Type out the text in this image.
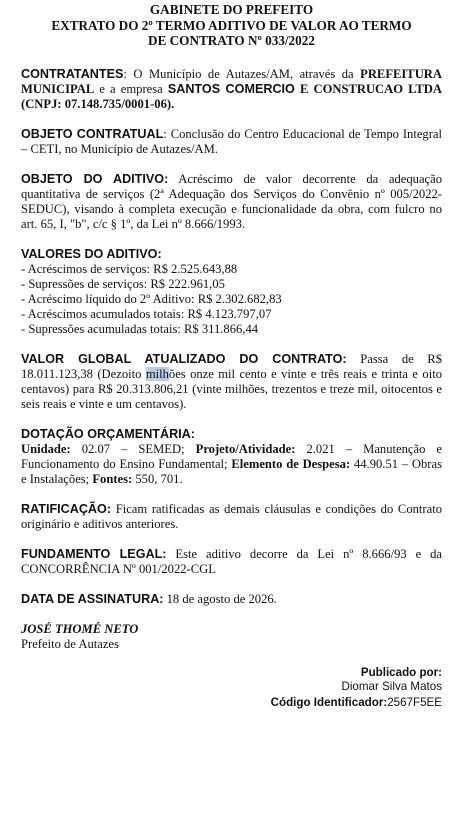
GABINETE DO PREFEITO
EXTRATO DO 2º TERMO ADITIVO DE VALOR AO TERMO
DE CONTRATO Nº 033/2022

CONTRATANTES: O Município de Autazes/AM, através da PREFEITURA MUNICIPAL e a empresa SANTOS COMERCIO E CONSTRUCAO LTDA (CNPJ: 07.148.735/0001-06).

OBJETO CONTRATUAL: Conclusão do Centro Educacional de Tempo Integral – CETI, no Município de Autazes/AM.

OBJETO DO ADITIVO: Acréscimo de valor decorrente da adequação quantitativa de serviços (2ª Adequação dos Serviços do Convênio nº 005/2022-SEDUC), visando à completa execução e funcionalidade da obra, com fulcro no art. 65, I, "b", c/c § 1º, da Lei nº 8.666/1993.

VALORES DO ADITIVO:
- Acréscimos de serviços: R$ 2.525.643,88
- Supressões de serviços: R$ 222.961,05
- Acréscimo líquido do 2º Aditivo: R$ 2.302.682,83
- Acréscimos acumulados totais: R$ 4.123.797,07
- Supressões acumuladas totais: R$ 311.866,44

VALOR GLOBAL ATUALIZADO DO CONTRATO: Passa de R$ 18.011.123,38 (Dezoito milhões onze mil cento e vinte e três reais e trinta e oito centavos) para R$ 20.313.806,21 (vinte milhões, trezentos e treze mil, oitocentos e seis reais e vinte e um centavos).

DOTAÇÃO ORÇAMENTÁRIA:
Unidade: 02.07 – SEMED; Projeto/Atividade: 2.021 – Manutenção e Funcionamento do Ensino Fundamental; Elemento de Despesa: 44.90.51 – Obras e Instalações; Fontes: 550, 701.

RATIFICAÇÃO: Ficam ratificadas as demais cláusulas e condições do Contrato originário e aditivos anteriores.

FUNDAMENTO LEGAL: Este aditivo decorre da Lei nº 8.666/93 e da CONCORRÊNCIA Nº 001/2022-CGL

DATA DE ASSINATURA: 18 de agosto de 2026.

JOSÉ THOMÉ NETO
Prefeito de Autazes
Publicado por:
Diomar Silva Matos
Código Identificador:2567F5EE
